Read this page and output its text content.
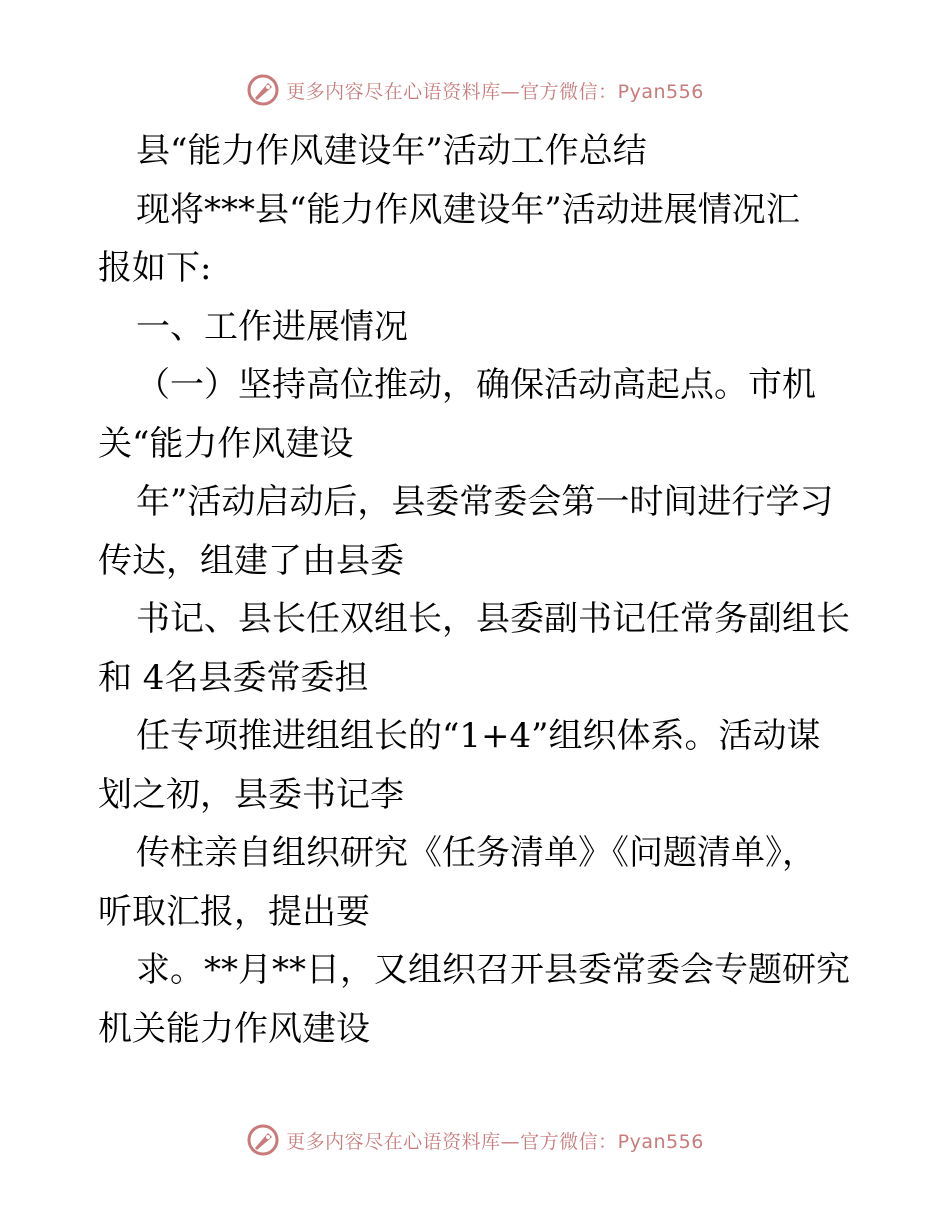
更多内容尽在心语资料库—官方微信：Pyan556
县“能力作风建设年”活动工作总结
现将***县“能力作风建设年”活动进展情况汇
报如下:
一、工作进展情况
（一）坚持高位推动，确保活动高起点。市机
关“能力作风建设
年”活动启动后，县委常委会第一时间进行学习
传达，组建了由县委
书记、县长任双组长，县委副书记任常务副组长
和 4名县委常委担
任专项推进组组长的“1+4”组织体系。活动谋
划之初，县委书记李
传柱亲自组织研究《任务清单》《问题清单》，
听取汇报，提出要
求。**月**日，又组织召开县委常委会专题研究
机关能力作风建设
更多内容尽在心语资料库—官方微信：Pyan556
